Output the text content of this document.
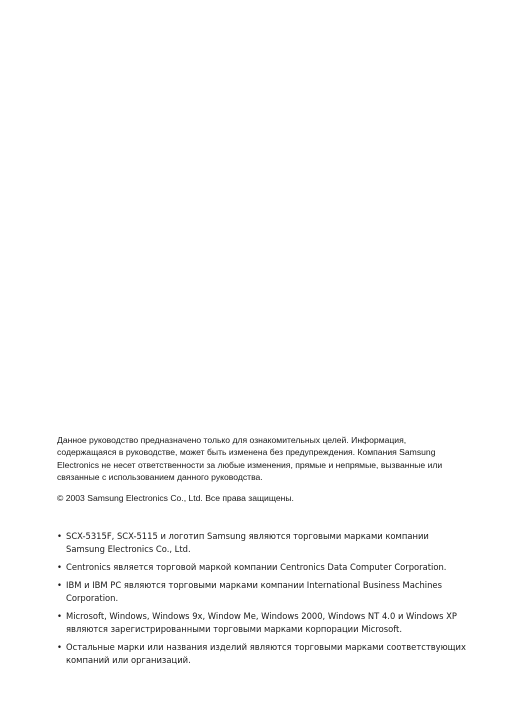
Данное руководство предназначено только для ознакомительных целей. Информация, содержащаяся в руководстве, может быть изменена без предупреждения. Компания Samsung Electronics не несет ответственности за любые изменения, прямые и непрямые, вызванные или связанные с использованием данного руководства.

© 2003 Samsung Electronics Co., Ltd. Все права защищены.

• SCX-5315F, SCX-5115 и логотип Samsung являются торговыми марками компании Samsung Electronics Co., Ltd.
• Centronics является торговой маркой компании Centronics Data Computer Corporation.
• IBM и IBM PC являются торговыми марками компании International Business Machines Corporation.
• Microsoft, Windows, Windows 9x, Window Me, Windows 2000, Windows NT 4.0 и Windows XP являются зарегистрированными торговыми марками корпорации Microsoft.
• Остальные марки или названия изделий являются торговыми марками соответствующих компаний или организаций.
